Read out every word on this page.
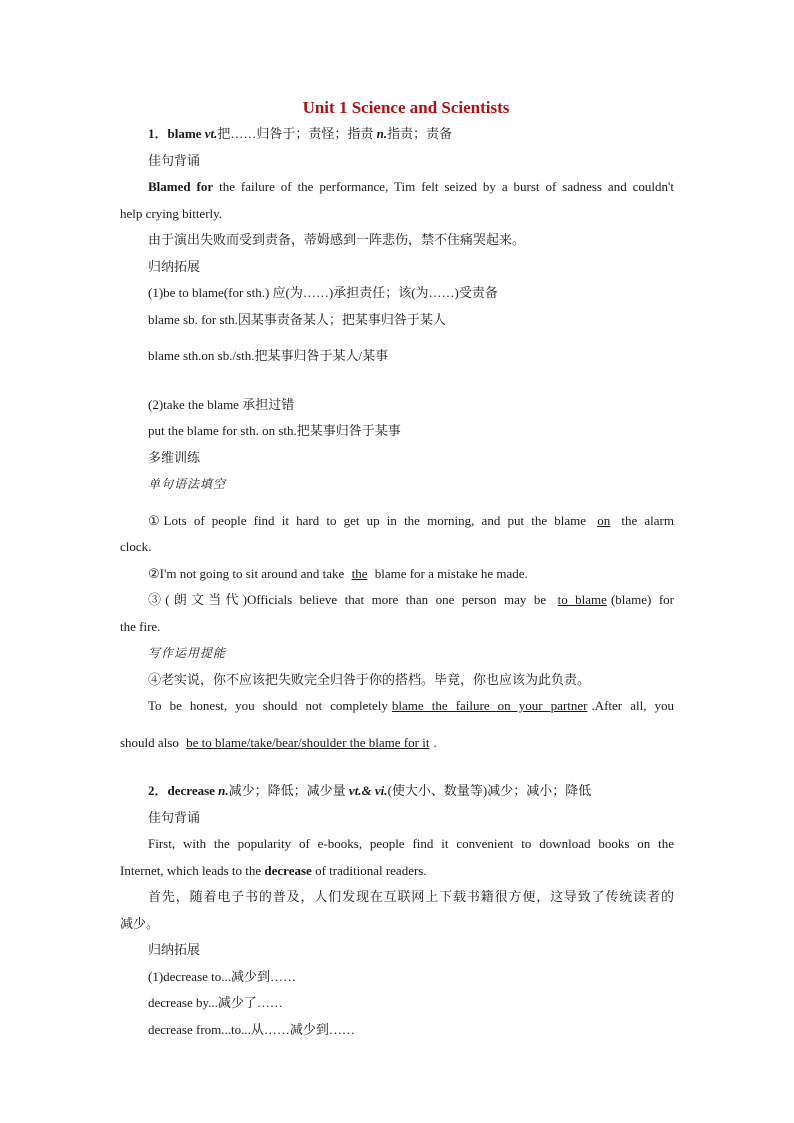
Unit 1 Science and Scientists
1．blame vt.把……归咎于；责怪；指责 n.指责；责备
佳句背诵
Blamed for the failure of the performance, Tim felt seized by a burst of sadness and couldn't
help crying bitterly.
由于演出失败而受到责备，蒂姆感到一阵悲伤，禁不住痛哭起来。
归纳拓展
(1)be to blame(for sth.) 应(为……)承担责任；该(为……)受责备
blame sb. for sth.因某事责备某人；把某事归咎于某人
blame sth.on sb./sth.把某事归咎于某人/某事
(2)take the blame 承担过错
put the blame for sth. on sth.把某事归咎于某事
多维训练
单句语法填空
①Lots of people find it hard to get up in the morning, and put the blame on the alarm
clock.
②I'm not going to sit around and take the blame for a mistake he made.
③(朗文当代)Officials believe that more than one person may be to blame (blame) for
the fire.
写作运用提能
④老实说，你不应该把失败完全归咎于你的搭档。毕竟，你也应该为此负责。
To be honest, you should not completely blame the failure on your partner .After all, you
should also be to blame/take/bear/shoulder the blame for it .
2．decrease n.减少；降低；减少量 vt.& vi.(使大小、数量等)减少；减小；降低
佳句背诵
First, with the popularity of e-books, people find it convenient to download books on the
Internet, which leads to the decrease of traditional readers.
首先，随着电子书的普及，人们发现在互联网上下载书籍很方便，这导致了传统读者的
减少。
归纳拓展
(1)decrease to...减少到……
decrease by...减少了……
decrease from...to...从……减少到……
